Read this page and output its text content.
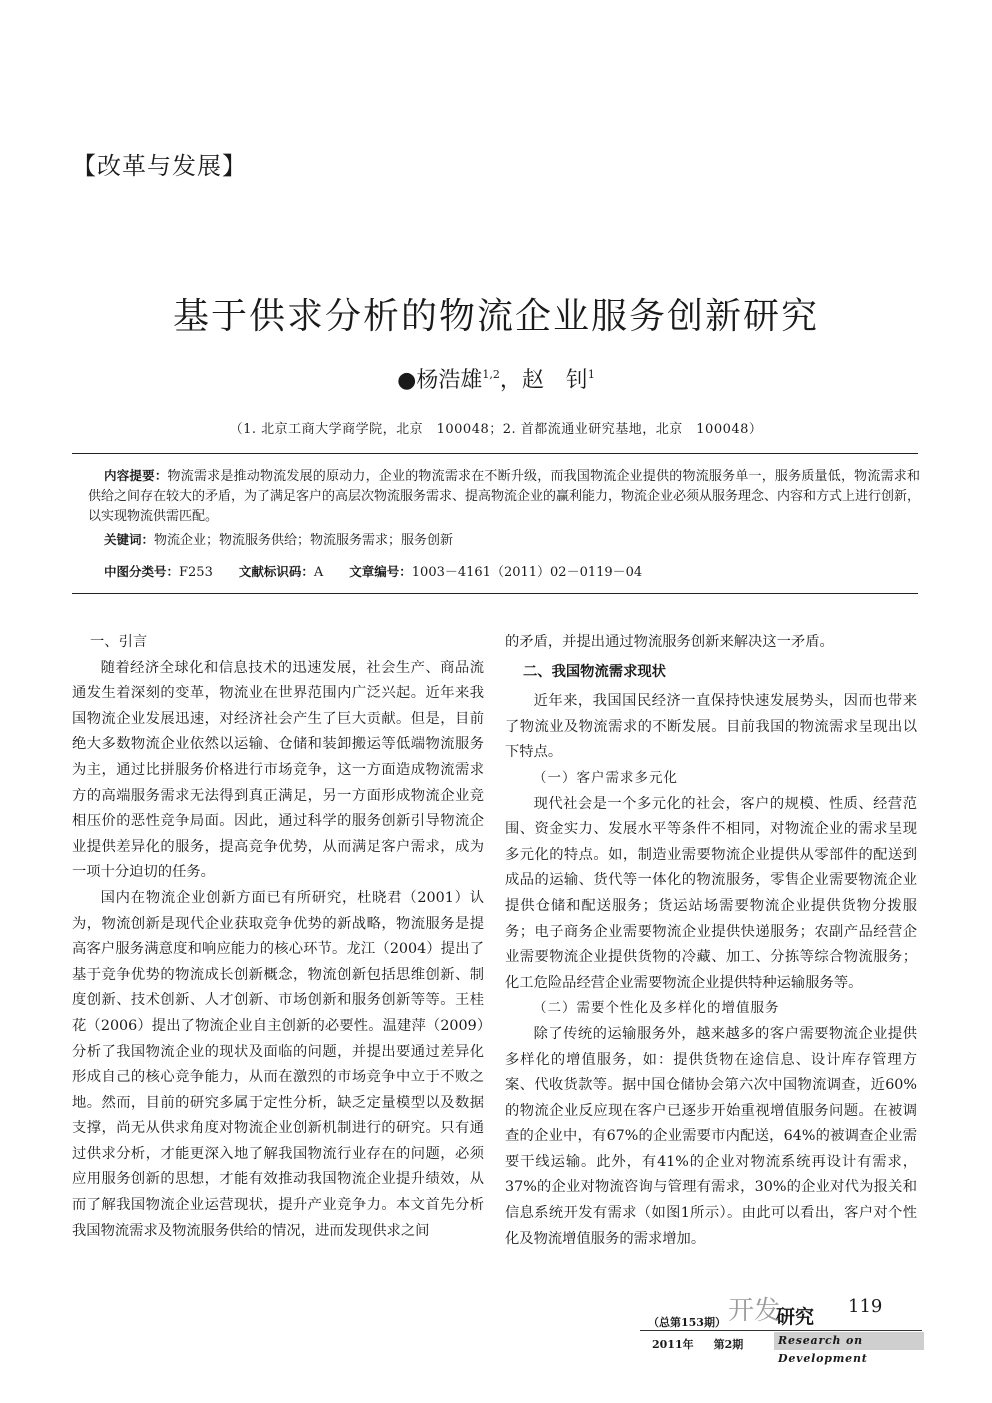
【改革与发展】
基于供求分析的物流企业服务创新研究
●杨浩雄$^{1,2}$，赵　钊$^1$
（1. 北京工商大学商学院，北京　100048；2. 首都流通业研究基地，北京　100048）

内容提要：物流需求是推动物流发展的原动力，企业的物流需求在不断升级，而我国物流企业提供的物流服务单一，服务质量低，物流需求和供给之间存在较大的矛盾，为了满足客户的高层次物流服务需求、提高物流企业的赢利能力，物流企业必须从服务理念、内容和方式上进行创新，以实现物流供需匹配。

关键词：物流企业；物流服务供给；物流服务需求；服务创新

中图分类号：F253 文献标识码：A 文章编号：1003－4161（2011）02－0119－04
一、引言

随着经济全球化和信息技术的迅速发展，社会生产、商品流通发生着深刻的变革，物流业在世界范围内广泛兴起。近年来我国物流企业发展迅速，对经济社会产生了巨大贡献。但是，目前绝大多数物流企业依然以运输、仓储和装卸搬运等低端物流服务为主，通过比拼服务价格进行市场竞争，这一方面造成物流需求方的高端服务需求无法得到真正满足，另一方面形成物流企业竞相压价的恶性竞争局面。因此，通过科学的服务创新引导物流企业提供差异化的服务，提高竞争优势，从而满足客户需求，成为一项十分迫切的任务。

国内在物流企业创新方面已有所研究，杜晓君（2001）认为，物流创新是现代企业获取竞争优势的新战略，物流服务是提高客户服务满意度和响应能力的核心环节。龙江（2004）提出了基于竞争优势的物流成长创新概念，物流创新包括思维创新、制度创新、技术创新、人才创新、市场创新和服务创新等等。王桂花（2006）提出了物流企业自主创新的必要性。温建萍（2009）分析了我国物流企业的现状及面临的问题，并提出要通过差异化形成自己的核心竞争能力，从而在激烈的市场竞争中立于不败之地。然而，目前的研究多属于定性分析，缺乏定量模型以及数据支撑，尚无从供求角度对物流企业创新机制进行的研究。只有通过供求分析，才能更深入地了解我国物流行业存在的问题，必须应用服务创新的思想，才能有效推动我国物流企业提升绩效，从而了解我国物流企业运营现状，提升产业竞争力。本文首先分析我国物流需求及物流服务供给的情况，进而发现供求之间

的矛盾，并提出通过物流服务创新来解决这一矛盾。

二、我国物流需求现状

近年来，我国国民经济一直保持快速发展势头，因而也带来了物流业及物流需求的不断发展。目前我国的物流需求呈现出以下特点。

（一）客户需求多元化

现代社会是一个多元化的社会，客户的规模、性质、经营范围、资金实力、发展水平等条件不相同，对物流企业的需求呈现多元化的特点。如，制造业需要物流企业提供从零部件的配送到成品的运输、货代等一体化的物流服务，零售企业需要物流企业提供仓储和配送服务；货运站场需要物流企业提供货物分拨服务；电子商务企业需要物流企业提供快递服务；农副产品经营企业需要物流企业提供货物的冷藏、加工、分拣等综合物流服务；化工危险品经营企业需要物流企业提供特种运输服务等。

（二）需要个性化及多样化的增值服务

除了传统的运输服务外，越来越多的客户需要物流企业提供多样化的增值服务，如：提供货物在途信息、设计库存管理方案、代收货款等。据中国仓储协会第六次中国物流调查，近60%的物流企业反应现在客户已逐步开始重视增值服务问题。在被调查的企业中，有67%的企业需要市内配送，64%的被调查企业需要干线运输。此外，有41%的企业对物流系统再设计有需求，37%的企业对物流咨询与管理有需求，30%的企业对代为报关和信息系统开发有需求（如图1所示）。由此可以看出，客户对个性化及物流增值服务的需求增加。

开发
研究 119
（总第153期）
2011年 第2期	Research on Development
